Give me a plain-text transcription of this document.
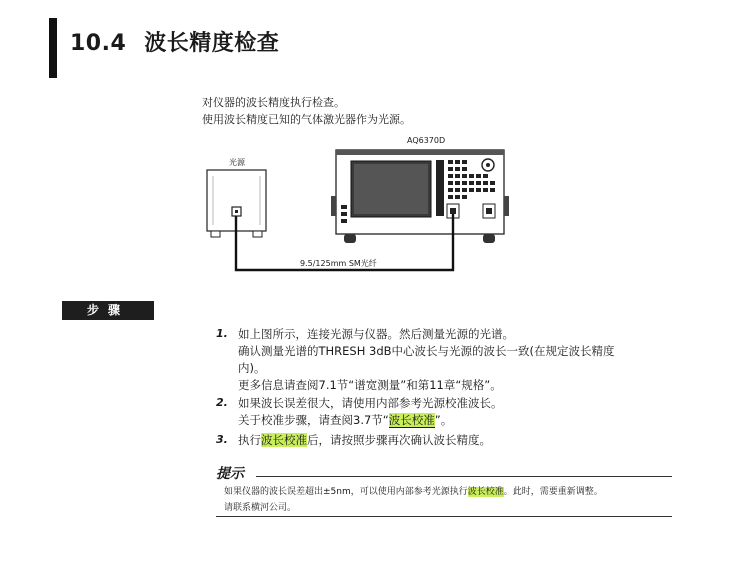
10.4 波长精度检查
对仪器的波长精度执行检查。
使用波长精度已知的气体激光器作为光源。
AQ6370D
光源
9.5/125mm SM光纤
步骤
1. 如上图所示，连接光源与仪器。然后测量光源的光谱。
确认测量光谱的THRESH 3dB中心波长与光源的波长一致(在规定波长精度
内)。
更多信息请查阅7.1节“谱宽测量”和第11章“规格”。
2. 如果波长误差很大，请使用内部参考光源校准波长。
关于校准步骤，请查阅3.7节“波长校准”。
3. 执行波长校准后，请按照步骤再次确认波长精度。
提示
如果仪器的波长误差超出±5nm，可以使用内部参考光源执行波长校准。此时，需要重新调整。
请联系横河公司。
